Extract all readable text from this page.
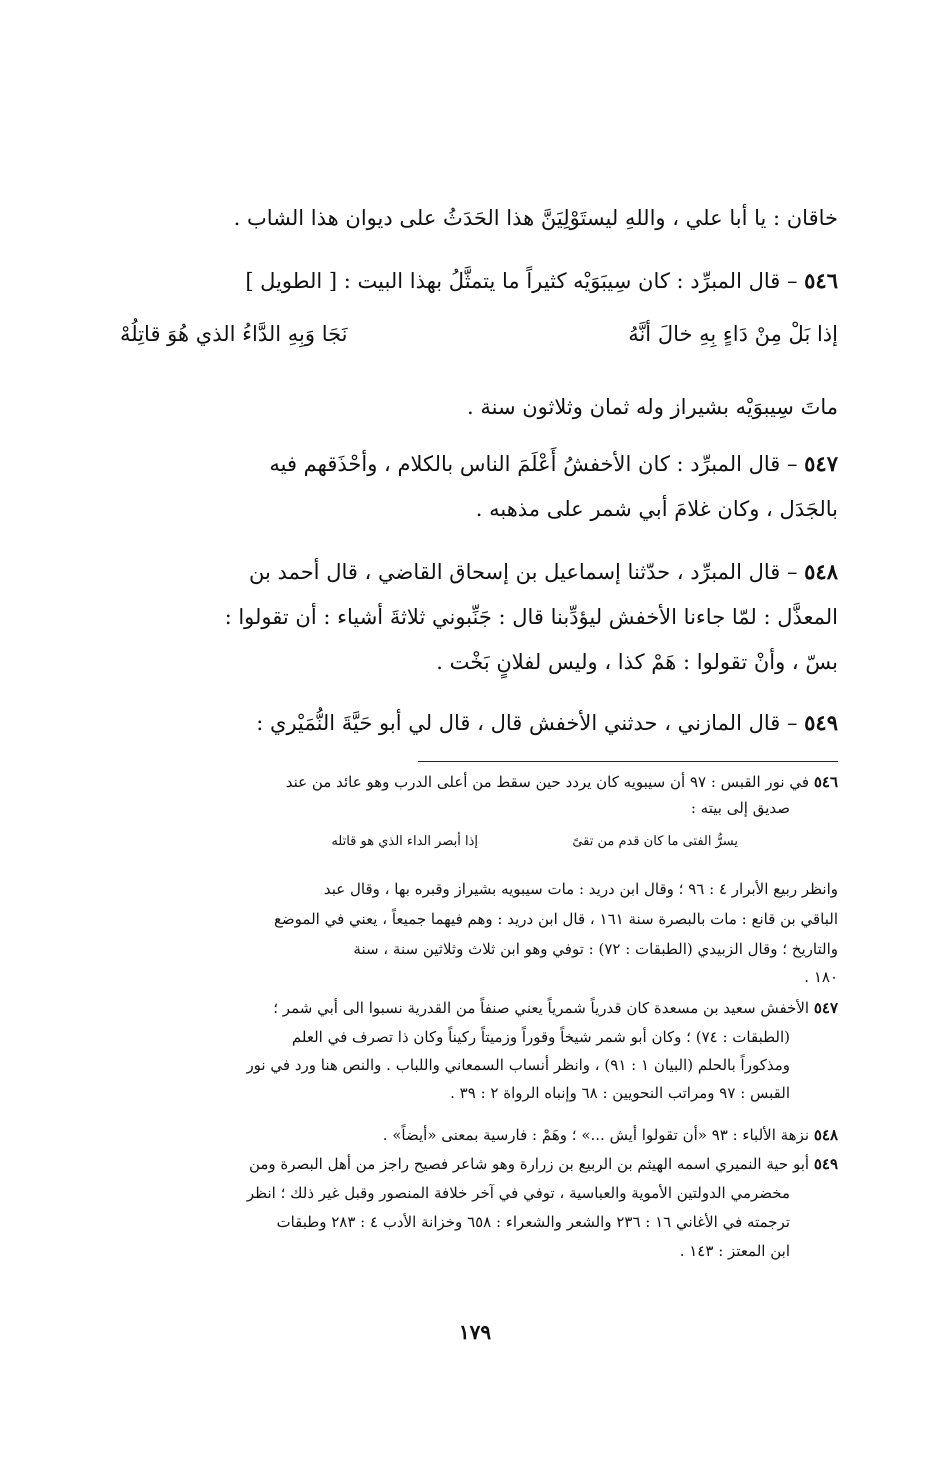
خاقان : يا أبا علي ، واللهِ ليستَوْلِيَنَّ هذا الحَدَثُ على ديوان هذا الشاب .
٥٤٦ – قال المبرِّد : كان سِيبَوَيْه كثيراً ما يتمثَّلُ بهذا البيت : [ الطويل ]
إذا بَلْ مِنْ دَاءٍ بِهِ خالَ أنَّهُ
نَجَا وَبِهِ الدَّاءُ الذي هُوَ قاتِلُهْ
ماتَ سِيبوَيْه بشيراز وله ثمان وثلاثون سنة .
٥٤٧ – قال المبرِّد : كان الأخفشُ أَعْلَمَ الناس بالكلام ، وأحْذَقهم فيه
بالجَدَل ، وكان غلامَ أبي شمر على مذهبه .
٥٤٨ – قال المبرِّد ، حدّثنا إسماعيل بن إسحاق القاضي ، قال أحمد بن
المعذَّل : لمّا جاءنا الأخفش ليؤدِّبنا قال : جَنِّبوني ثلاثةَ أشياء : أن تقولوا :
بسّ ، وأنْ تقولوا : هَمْ كذا ، وليس لفلانٍ بَخْت .
٥٤٩ – قال المازني ، حدثني الأخفش قال ، قال لي أبو حَيَّةَ النُّمَيْري :
٥٤٦ في نور القبس : ٩٧ أن سيبويه كان يردد حين سقط من أعلى الدرب وهو عائد من عند
صديق إلى بيته :
يسرُّ الفتى ما كان قدم من تقىً
إذا أبصر الداء الذي هو قاتله
وانظر ربيع الأبرار ٤ : ٩٦ ؛ وقال ابن دريد : مات سيبويه بشيراز وقبره بها ، وقال عبد
الباقي بن قانع : مات بالبصرة سنة ١٦١ ، قال ابن دريد : وهم فيهما جميعاً ، يعني في الموضع
والتاريخ ؛ وقال الزبيدي (الطبقات : ٧٢) : توفي وهو ابن ثلاث وثلاثين سنة ، سنة
١٨٠ .
٥٤٧ الأخفش سعيد بن مسعدة كان قدرياً شمرياً يعني صنفاً من القدرية نسبوا الى أبي شمر ؛
(الطبقات : ٧٤) ؛ وكان أبو شمر شيخاً وقوراً وزميتاً ركيناً وكان ذا تصرف في العلم
ومذكوراً بالحلم (البيان ١ : ٩١) ، وانظر أنساب السمعاني واللباب . والنص هنا ورد في نور
القبس : ٩٧ ومراتب النحويين : ٦٨ وإنباه الرواة ٢ : ٣٩ .
٥٤٨ نزهة الألباء : ٩٣ «أن تقولوا أيش ...» ؛ وهَمْ : فارسية بمعنى «أيضاً» .
٥٤٩ أبو حية النميري اسمه الهيثم بن الربيع بن زرارة وهو شاعر فصيح راجز من أهل البصرة ومن
مخضرمي الدولتين الأموية والعباسية ، توفي في آخر خلافة المنصور وقبل غير ذلك ؛ انظر
ترجمته في الأغاني ١٦ : ٢٣٦ والشعر والشعراء : ٦٥٨ وخزانة الأدب ٤ : ٢٨٣ وطبقات
ابن المعتز : ١٤٣ .
١٧٩
